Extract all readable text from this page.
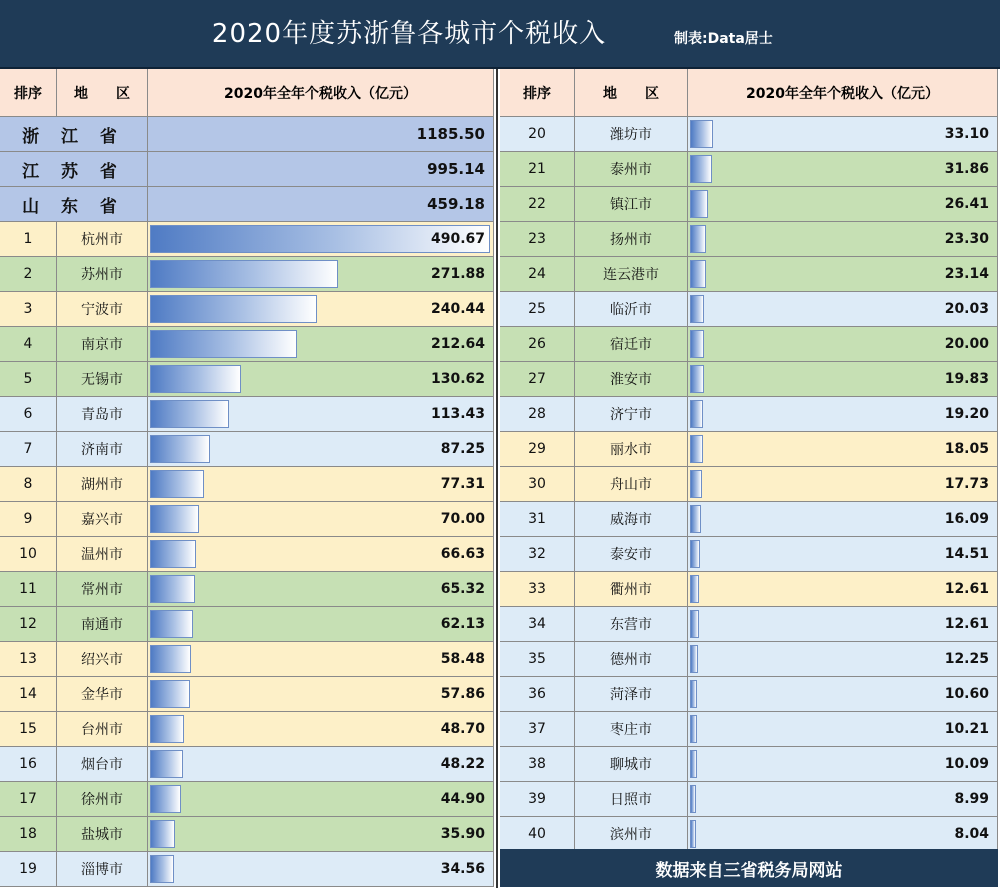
2020年度苏浙鲁各城市个税收入	制表:Data居士
排序	地　　区	2020年全年个税收入（亿元）
浙 江 省	1185.50
江 苏 省	995.14
山 东 省	459.18
1	杭州市	490.67
2	苏州市	271.88
3	宁波市	240.44
4	南京市	212.64
5	无锡市	130.62
6	青岛市	113.43
7	济南市	87.25
8	湖州市	77.31
9	嘉兴市	70.00
10	温州市	66.63
11	常州市	65.32
12	南通市	62.13
13	绍兴市	58.48
14	金华市	57.86
15	台州市	48.70
16	烟台市	48.22
17	徐州市	44.90
18	盐城市	35.90
19	淄博市	34.56
排序	地　　区	2020年全年个税收入（亿元）
20	潍坊市	33.10
21	泰州市	31.86
22	镇江市	26.41
23	扬州市	23.30
24	连云港市	23.14
25	临沂市	20.03
26	宿迁市	20.00
27	淮安市	19.83
28	济宁市	19.20
29	丽水市	18.05
30	舟山市	17.73
31	威海市	16.09
32	泰安市	14.51
33	衢州市	12.61
34	东营市	12.61
35	德州市	12.25
36	菏泽市	10.60
37	枣庄市	10.21
38	聊城市	10.09
39	日照市	8.99
40	滨州市	8.04
数据来自三省税务局网站
